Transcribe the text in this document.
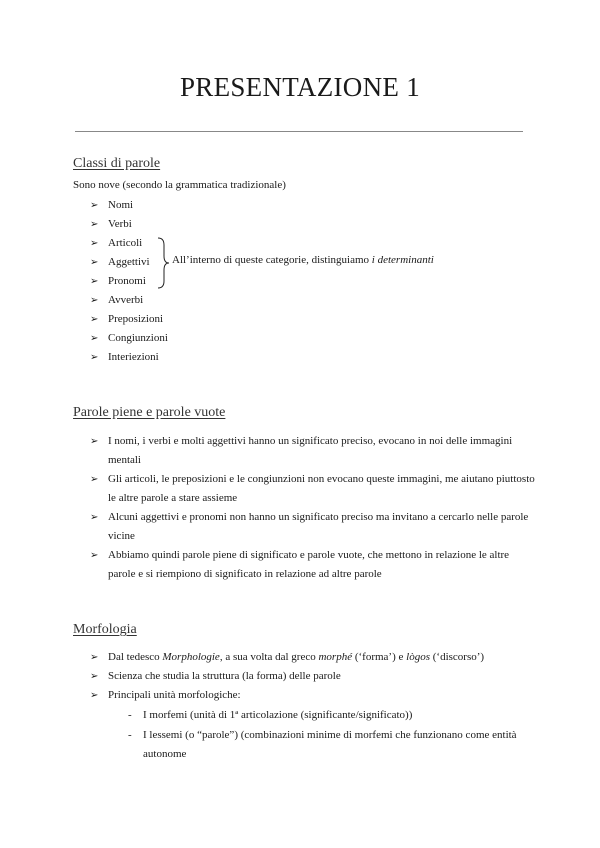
PRESENTAZIONE 1
Classi di parole
Sono nove (secondo la grammatica tradizionale)
➢ Nomi
➢ Verbi
➢ Articoli
➢ Aggettivi
➢ Pronomi
➢ Avverbi
➢ Preposizioni
➢ Congiunzioni
➢ Interiezioni
All’interno di queste categorie, distinguiamo i determinanti
Parole piene e parole vuote
➢ I nomi, i verbi e molti aggettivi hanno un significato preciso, evocano in noi delle immagini mentali
➢ Gli articoli, le preposizioni e le congiunzioni non evocano queste immagini, me aiutano piuttosto le altre parole a stare assieme
➢ Alcuni aggettivi e pronomi non hanno un significato preciso ma invitano a cercarlo nelle parole vicine
➢ Abbiamo quindi parole piene di significato e parole vuote, che mettono in relazione le altre parole e si riempiono di significato in relazione ad altre parole
Morfologia
➢ Dal tedesco Morphologie, a sua volta dal greco morphé (‘forma’) e lògos (‘discorso’)
➢ Scienza che studia la struttura (la forma) delle parole
➢ Principali unità morfologiche:
- I morfemi (unità di 1ª articolazione (significante/significato))
- I lessemi (o “parole”) (combinazioni minime di morfemi che funzionano come entità autonome
